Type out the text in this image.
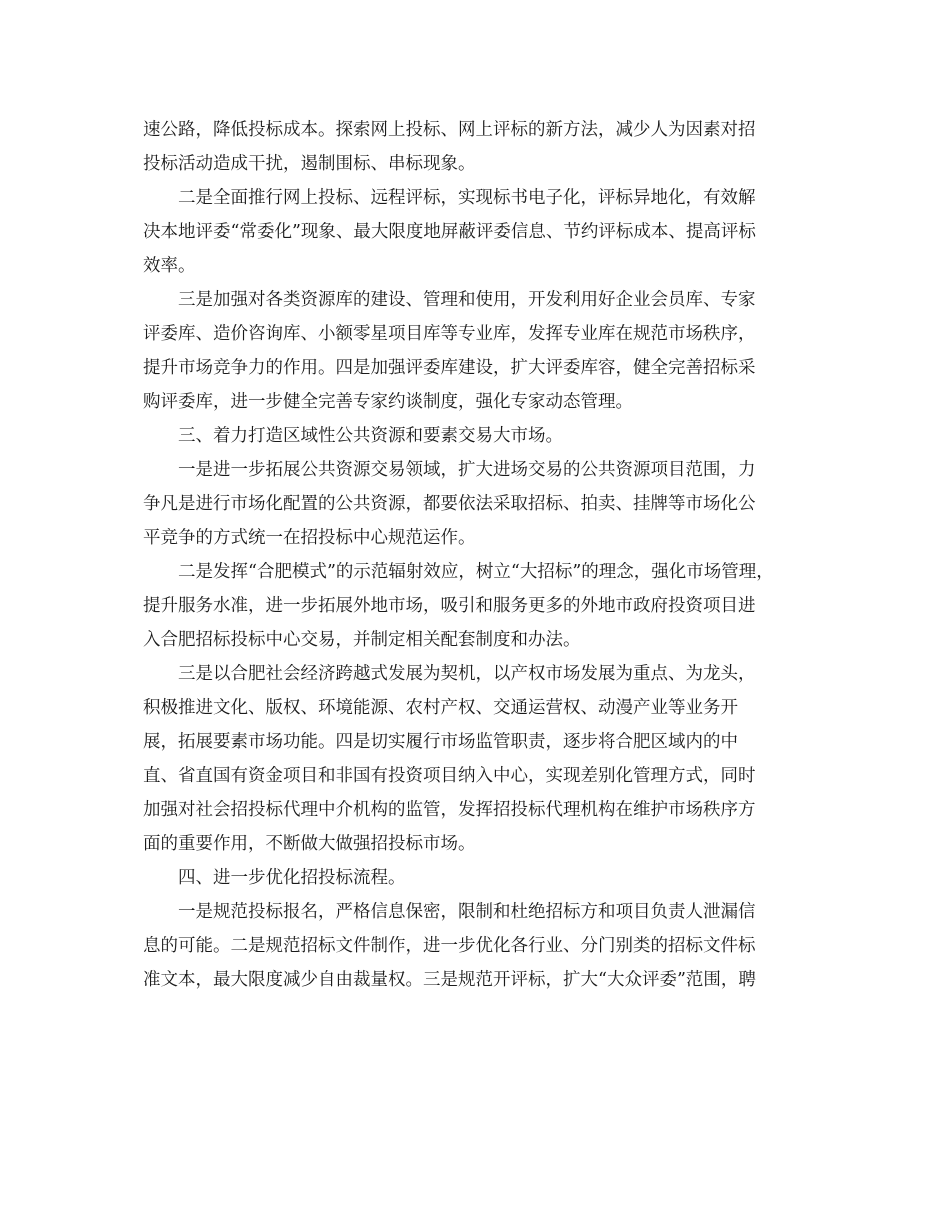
速公路，降低投标成本。探索网上投标、网上评标的新方法，减少人为因素对招
投标活动造成干扰，遏制围标、串标现象。
二是全面推行网上投标、远程评标，实现标书电子化，评标异地化，有效解
决本地评委“常委化”现象、最大限度地屏蔽评委信息、节约评标成本、提高评标
效率。
三是加强对各类资源库的建设、管理和使用，开发利用好企业会员库、专家
评委库、造价咨询库、小额零星项目库等专业库，发挥专业库在规范市场秩序，
提升市场竞争力的作用。四是加强评委库建设，扩大评委库容，健全完善招标采
购评委库，进一步健全完善专家约谈制度，强化专家动态管理。
三、着力打造区域性公共资源和要素交易大市场。
一是进一步拓展公共资源交易领域，扩大进场交易的公共资源项目范围，力
争凡是进行市场化配置的公共资源，都要依法采取招标、拍卖、挂牌等市场化公
平竞争的方式统一在招投标中心规范运作。
二是发挥“合肥模式”的示范辐射效应，树立“大招标”的理念，强化市场管理，
提升服务水准，进一步拓展外地市场，吸引和服务更多的外地市政府投资项目进
入合肥招标投标中心交易，并制定相关配套制度和办法。
三是以合肥社会经济跨越式发展为契机，以产权市场发展为重点、为龙头，
积极推进文化、版权、环境能源、农村产权、交通运营权、动漫产业等业务开
展，拓展要素市场功能。四是切实履行市场监管职责，逐步将合肥区域内的中
直、省直国有资金项目和非国有投资项目纳入中心，实现差别化管理方式，同时
加强对社会招投标代理中介机构的监管，发挥招投标代理机构在维护市场秩序方
面的重要作用，不断做大做强招投标市场。
四、进一步优化招投标流程。
一是规范投标报名，严格信息保密，限制和杜绝招标方和项目负责人泄漏信
息的可能。二是规范招标文件制作，进一步优化各行业、分门别类的招标文件标
准文本，最大限度减少自由裁量权。三是规范开评标，扩大“大众评委”范围，聘
